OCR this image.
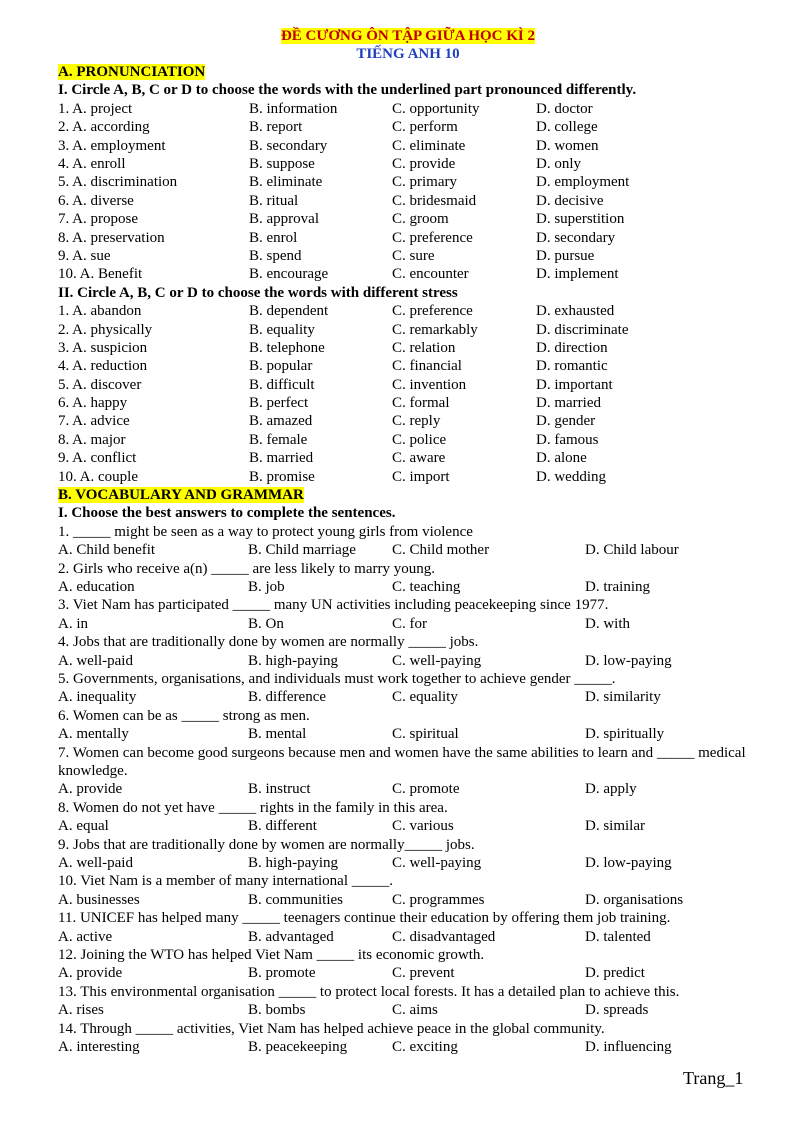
ĐỀ CƯƠNG ÔN TẬP GIỮA HỌC KÌ 2
TIẾNG ANH 10
A. PRONUNCIATION
I. Circle A, B, C or D to choose the words with the underlined part pronounced differently.
1. A. project	B. information	C. opportunity	D. doctor
2. A. according	B. report	C. perform	D. college
3. A. employment	B. secondary	C. eliminate	D. women
4. A. enroll	B. suppose	C. provide	D. only
5. A. discrimination	B. eliminate	C. primary	D. employment
6. A. diverse	B. ritual	C. bridesmaid	D. decisive
7. A. propose	B. approval	C. groom	D. superstition
8. A. preservation	B. enrol	C. preference	D. secondary
9. A. sue	B. spend	C. sure	D. pursue
10. A. Benefit	B. encourage	C. encounter	D. implement
II. Circle A, B, C or D to choose the words with different stress
1. A. abandon	B. dependent	C. preference	D. exhausted
2. A. physically	B. equality	C. remarkably	D. discriminate
3. A. suspicion	B. telephone	C. relation	D. direction
4. A. reduction	B. popular	C. financial	D. romantic
5. A. discover	B. difficult	C. invention	D. important
6. A. happy	B. perfect	C. formal	D. married
7. A. advice	B. amazed	C. reply	D. gender
8. A. major	B. female	C. police	D. famous
9. A. conflict	B. married	C. aware	D. alone
10. A. couple	B. promise	C. import	D. wedding
B. VOCABULARY AND GRAMMAR
I. Choose the best answers to complete the sentences.
1. _____ might be seen as a way to protect young girls from violence
A. Child benefit	B. Child marriage C. Child mother	D. Child labour
2. Girls who receive a(n) _____ are less likely to marry young.
A. education	B. job	C. teaching	D. training
3. Viet Nam has participated _____ many UN activities including peacekeeping since 1977.
A. in	B. On	C. for	D. with
4. Jobs that are traditionally done by women are normally _____ jobs.
A. well-paid	B. high-paying	C. well-paying	D. low-paying
5. Governments, organisations, and individuals must work together to achieve gender _____.
A. inequality	B. difference	C. equality	D. similarity
6. Women can be as _____ strong as men.
A. mentally	B. mental	C. spiritual	D. spiritually
7. Women can become good surgeons because men and women have the same abilities to learn and _____ medical knowledge.
A. provide	B. instruct	C. promote	D. apply
8. Women do not yet have _____ rights in the family in this area.
A. equal	B. different	C. various	D. similar
9. Jobs that are traditionally done by women are normally_____ jobs.
A. well-paid	B. high-paying	C. well-paying	D. low-paying
10. Viet Nam is a member of many international _____.
A. businesses	B. communities	C. programmes	D. organisations
11. UNICEF has helped many _____ teenagers continue their education by offering them job training.
A. active	B. advantaged	C. disadvantaged	D. talented
12. Joining the WTO has helped Viet Nam _____ its economic growth.
A. provide	B. promote	C. prevent	D. predict
13. This environmental organisation _____ to protect local forests. It has a detailed plan to achieve this.
A. rises	B. bombs	C. aims	D. spreads
14. Through _____ activities, Viet Nam has helped achieve peace in the global community.
A. interesting	B. peacekeeping	C. exciting	D. influencing
Trang_1
